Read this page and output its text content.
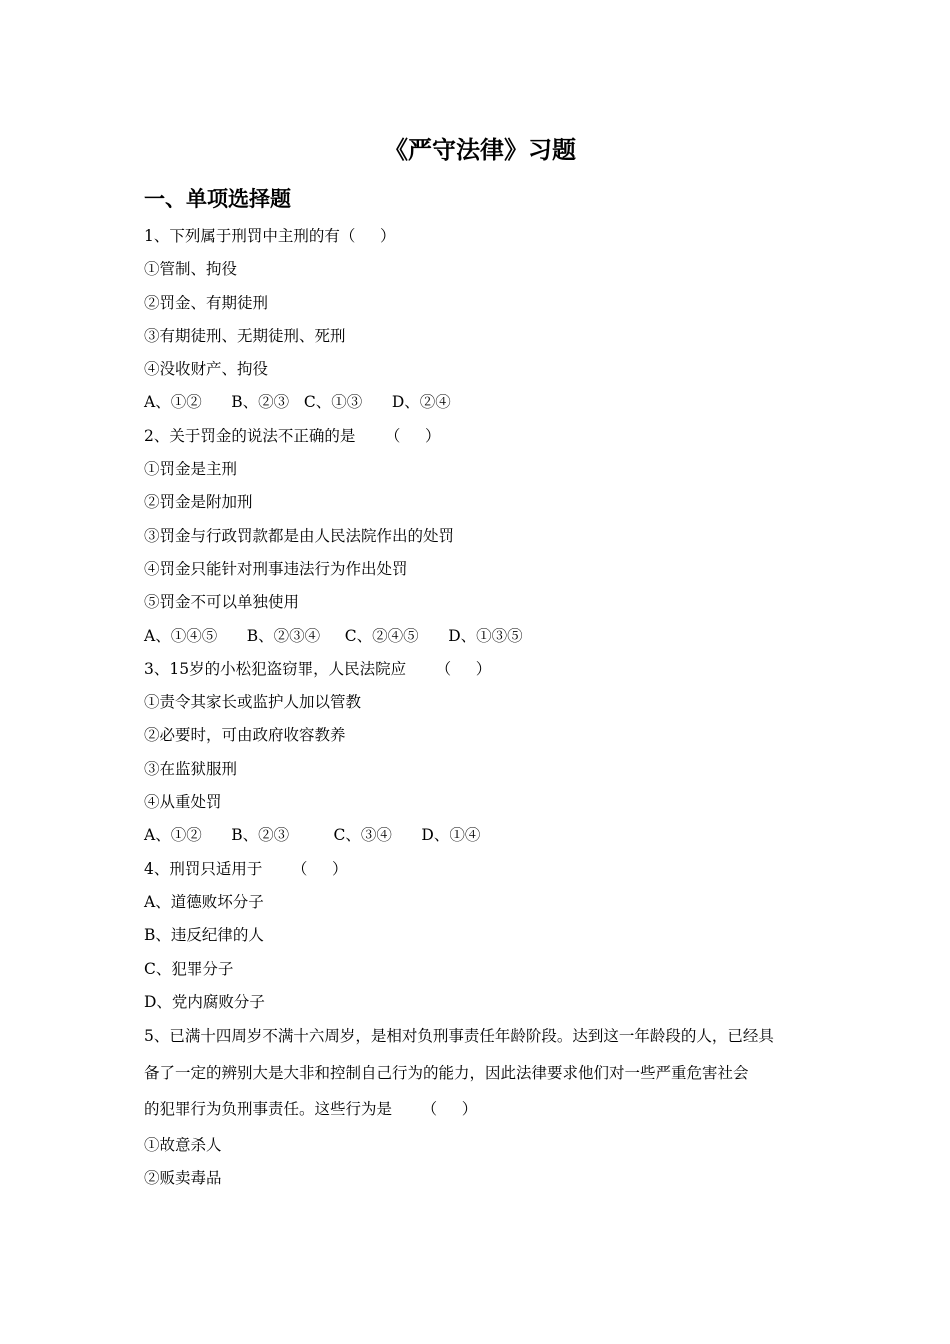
《严守法律》习题
一、单项选择题
1、下列属于刑罚中主刑的有（     ）
①管制、拘役
②罚金、有期徒刑
③有期徒刑、无期徒刑、死刑
④没收财产、拘役
A、①②      B、②③   C、①③      D、②④
2、关于罚金的说法不正确的是      （     ）
①罚金是主刑
②罚金是附加刑
③罚金与行政罚款都是由人民法院作出的处罚
④罚金只能针对刑事违法行为作出处罚
⑤罚金不可以单独使用
A、①④⑤      B、②③④     C、②④⑤      D、①③⑤
3、15岁的小松犯盗窃罪，人民法院应      （     ）
①责令其家长或监护人加以管教
②必要时，可由政府收容教养
③在监狱服刑
④从重处罚
A、①②      B、②③         C、③④      D、①④
4、刑罚只适用于      （     ）
A、道德败坏分子
B、违反纪律的人
C、犯罪分子
D、党内腐败分子
5、已满十四周岁不满十六周岁，是相对负刑事责任年龄阶段。达到这一年龄段的人，已经具
备了一定的辨别大是大非和控制自己行为的能力，因此法律要求他们对一些严重危害社会
的犯罪行为负刑事责任。这些行为是      （     ）
①故意杀人
②贩卖毒品
